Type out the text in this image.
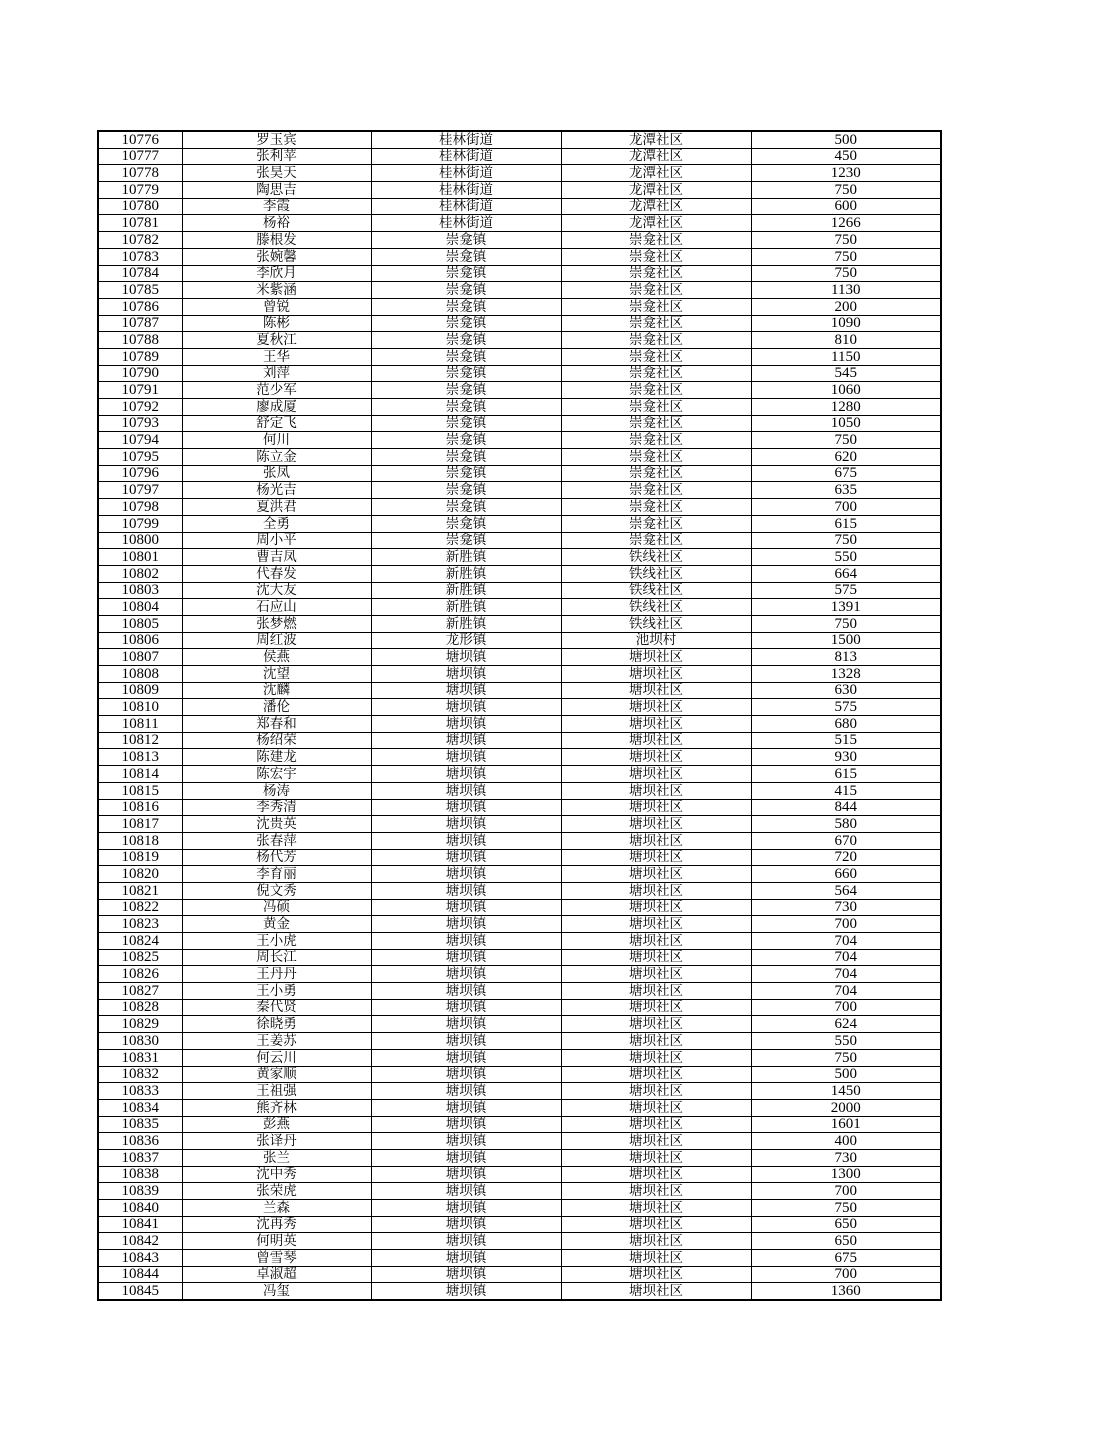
10776	罗玉宾	桂林街道	龙潭社区	500
10777	张利苹	桂林街道	龙潭社区	450
10778	张昊天	桂林街道	龙潭社区	1230
10779	陶思吉	桂林街道	龙潭社区	750
10780	李霞	桂林街道	龙潭社区	600
10781	杨裕	桂林街道	龙潭社区	1266
10782	滕根发	崇龛镇	崇龛社区	750
10783	张婉馨	崇龛镇	崇龛社区	750
10784	李欣月	崇龛镇	崇龛社区	750
10785	米紫涵	崇龛镇	崇龛社区	1130
10786	曾锐	崇龛镇	崇龛社区	200
10787	陈彬	崇龛镇	崇龛社区	1090
10788	夏秋江	崇龛镇	崇龛社区	810
10789	王华	崇龛镇	崇龛社区	1150
10790	刘萍	崇龛镇	崇龛社区	545
10791	范少军	崇龛镇	崇龛社区	1060
10792	廖成厦	崇龛镇	崇龛社区	1280
10793	舒定飞	崇龛镇	崇龛社区	1050
10794	何川	崇龛镇	崇龛社区	750
10795	陈立金	崇龛镇	崇龛社区	620
10796	张凤	崇龛镇	崇龛社区	675
10797	杨光吉	崇龛镇	崇龛社区	635
10798	夏洪君	崇龛镇	崇龛社区	700
10799	全勇	崇龛镇	崇龛社区	615
10800	周小平	崇龛镇	崇龛社区	750
10801	曹吉凤	新胜镇	铁线社区	550
10802	代春发	新胜镇	铁线社区	664
10803	沈大友	新胜镇	铁线社区	575
10804	石应山	新胜镇	铁线社区	1391
10805	张梦燃	新胜镇	铁线社区	750
10806	周红波	龙形镇	池坝村	1500
10807	侯燕	塘坝镇	塘坝社区	813
10808	沈望	塘坝镇	塘坝社区	1328
10809	沈麟	塘坝镇	塘坝社区	630
10810	潘伦	塘坝镇	塘坝社区	575
10811	郑春和	塘坝镇	塘坝社区	680
10812	杨绍荣	塘坝镇	塘坝社区	515
10813	陈建龙	塘坝镇	塘坝社区	930
10814	陈宏宇	塘坝镇	塘坝社区	615
10815	杨涛	塘坝镇	塘坝社区	415
10816	李秀清	塘坝镇	塘坝社区	844
10817	沈贵英	塘坝镇	塘坝社区	580
10818	张春萍	塘坝镇	塘坝社区	670
10819	杨代芳	塘坝镇	塘坝社区	720
10820	李育丽	塘坝镇	塘坝社区	660
10821	倪文秀	塘坝镇	塘坝社区	564
10822	冯硕	塘坝镇	塘坝社区	730
10823	黄金	塘坝镇	塘坝社区	700
10824	王小虎	塘坝镇	塘坝社区	704
10825	周长江	塘坝镇	塘坝社区	704
10826	王丹丹	塘坝镇	塘坝社区	704
10827	王小勇	塘坝镇	塘坝社区	704
10828	秦代贤	塘坝镇	塘坝社区	700
10829	徐晓勇	塘坝镇	塘坝社区	624
10830	王姜苏	塘坝镇	塘坝社区	550
10831	何云川	塘坝镇	塘坝社区	750
10832	黄家顺	塘坝镇	塘坝社区	500
10833	王祖强	塘坝镇	塘坝社区	1450
10834	熊齐林	塘坝镇	塘坝社区	2000
10835	彭燕	塘坝镇	塘坝社区	1601
10836	张译丹	塘坝镇	塘坝社区	400
10837	张兰	塘坝镇	塘坝社区	730
10838	沈中秀	塘坝镇	塘坝社区	1300
10839	张荣虎	塘坝镇	塘坝社区	700
10840	兰森	塘坝镇	塘坝社区	750
10841	沈再秀	塘坝镇	塘坝社区	650
10842	何明英	塘坝镇	塘坝社区	650
10843	曾雪琴	塘坝镇	塘坝社区	675
10844	卓淑超	塘坝镇	塘坝社区	700
10845	冯玺	塘坝镇	塘坝社区	1360
